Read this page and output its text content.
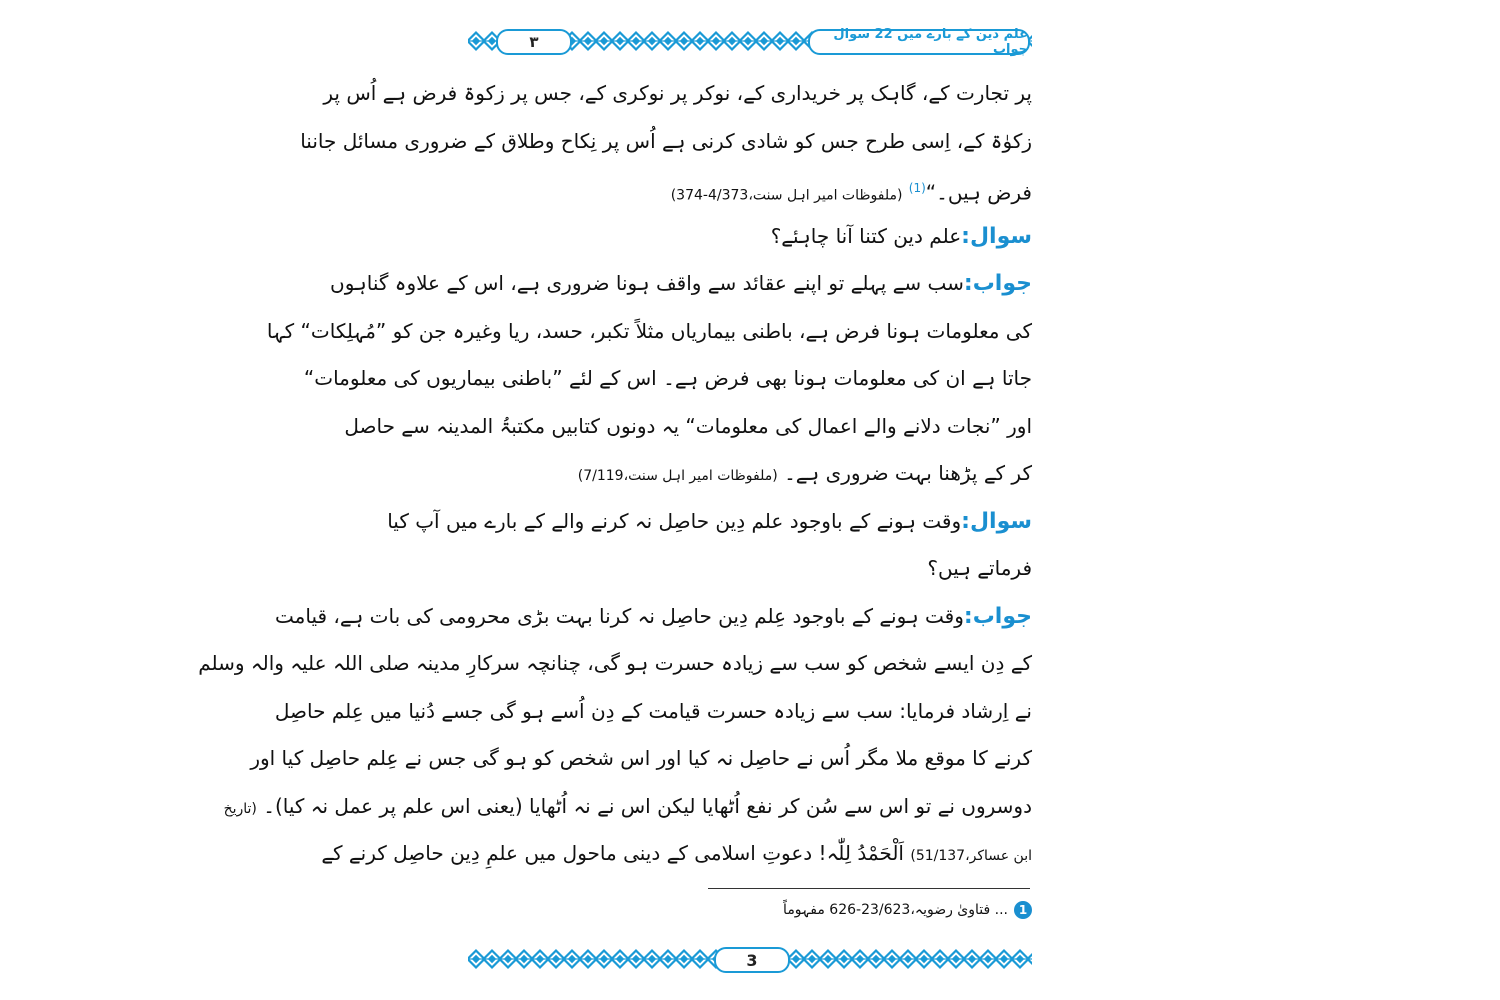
علم دین کے بارے میں 22 سوال جواب
۳
پر تجارت کے، گاہک پر خریداری کے، نوکر پر نوکری کے، جس پر زکوۃ فرض ہے اُس پر
زکوٰۃ کے، اِسی طرح جس کو شادی کرنی ہے اُس پر نِکاح وطلاق کے ضروری مسائل جاننا
فرض ہیں۔“$^{(1)}$ (ملفوظات امیر اہل سنت،4/373-374)
سوال:علم دین کتنا آنا چاہئے؟
جواب:سب سے پہلے تو اپنے عقائد سے واقف ہونا ضروری ہے، اس کے علاوہ گناہوں
کی معلومات ہونا فرض ہے، باطنی بیماریاں مثلاً تکبر، حسد، ریا وغیرہ جن کو ”مُہلِکات“ کہا
جاتا ہے ان کی معلومات ہونا بھی فرض ہے۔ اس کے لئے ”باطنی بیماریوں کی معلومات“
اور ”نجات دلانے والے اعمال کی معلومات“ یہ دونوں کتابیں مکتبۃُ المدینہ سے حاصل
کر کے پڑھنا بہت ضروری ہے۔ (ملفوظات امیر اہل سنت،7/119)
سوال:وقت ہونے کے باوجود علم دِین حاصِل نہ کرنے والے کے بارے میں آپ کیا
فرماتے ہیں؟
جواب:وقت ہونے کے باوجود عِلم دِین حاصِل نہ کرنا بہت بڑی محرومی کی بات ہے، قیامت
کے دِن ایسے شخص کو سب سے زیادہ حسرت ہو گی، چنانچہ سرکارِ مدینہ صلی اللہ علیہ والہ وسلم
نے اِرشاد فرمایا: سب سے زیادہ حسرت قیامت کے دِن اُسے ہو گی جسے دُنیا میں عِلم حاصِل
کرنے کا موقع ملا مگر اُس نے حاصِل نہ کیا اور اس شخص کو ہو گی جس نے عِلم حاصِل کیا اور
دوسروں نے تو اس سے سُن کر نفع اُٹھایا لیکن اس نے نہ اُٹھایا (یعنی اس علم پر عمل نہ کیا)۔ (تاریخ
ابن عساکر،51/137) اَلْحَمْدُ لِلّٰہ! دعوتِ اسلامی کے دینی ماحول میں علمِ دِین حاصِل کرنے کے
1
... فتاویٰ رضویہ،23/623-626 مفہوماً
3
